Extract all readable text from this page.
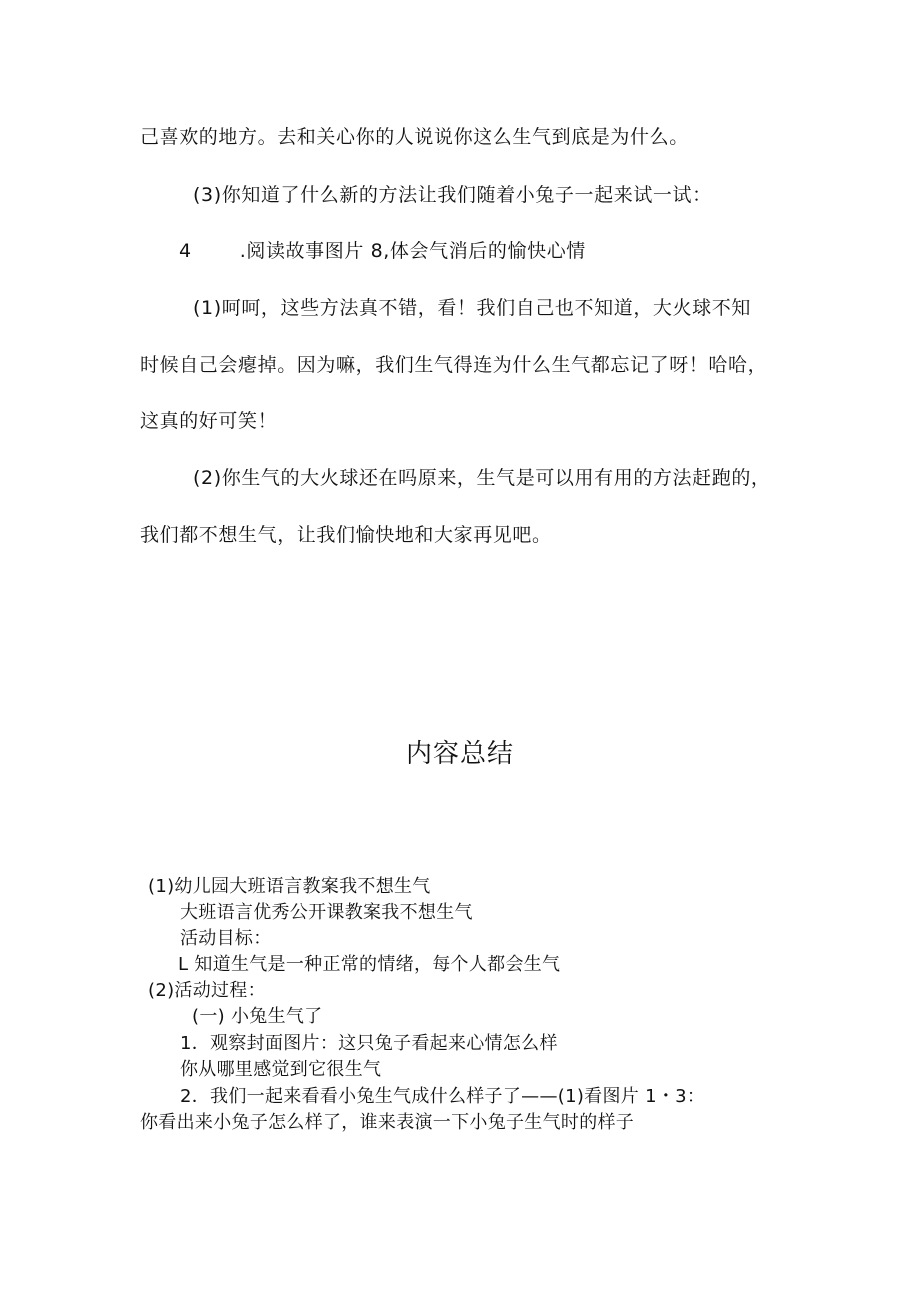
己喜欢的地方。去和关心你的人说说你这么生气到底是为什么。
(3)你知道了什么新的方法让我们随着小兔子一起来试一试：
4	.阅读故事图片 8,体会气消后的愉快心情
(1)呵呵，这些方法真不错，看！我们自己也不知道，大火球不知
时候自己会瘪掉。因为嘛，我们生气得连为什么生气都忘记了呀！哈哈，
这真的好可笑！
(2)你生气的大火球还在吗原来，生气是可以用有用的方法赶跑的，
我们都不想生气，让我们愉快地和大家再见吧。
内容总结
(1)幼儿园大班语言教案我不想生气
大班语言优秀公开课教案我不想生气
活动目标：
L 知道生气是一种正常的情绪，每个人都会生气
(2)活动过程：
(一) 小兔生气了
1．观察封面图片：这只兔子看起来心情怎么样
你从哪里感觉到它很生气
2．我们一起来看看小兔生气成什么样子了——(1)看图片 1・3：
你看出来小兔子怎么样了，谁来表演一下小兔子生气时的样子
